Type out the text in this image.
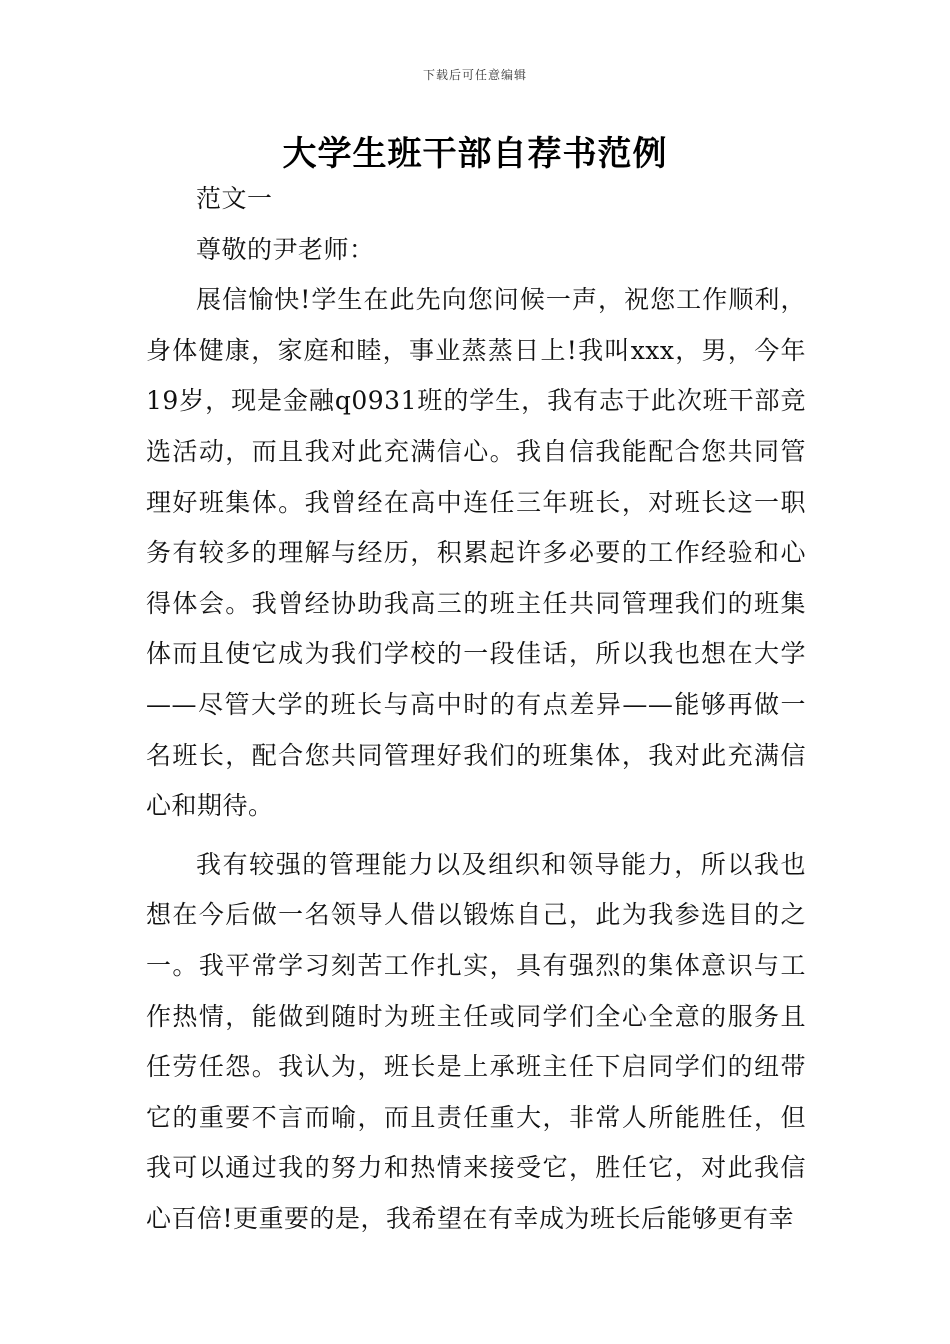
下载后可任意编辑
大学生班干部自荐书范例

范文一

尊敬的尹老师：

展信愉快!学生在此先向您问候一声，祝您工作顺利，身体健康，家庭和睦，事业蒸蒸日上!我叫xxx，男，今年19岁，现是金融q0931班的学生，我有志于此次班干部竞选活动，而且我对此充满信心。我自信我能配合您共同管理好班集体。我曾经在高中连任三年班长，对班长这一职务有较多的理解与经历，积累起许多必要的工作经验和心得体会。我曾经协助我高三的班主任共同管理我们的班集体而且使它成为我们学校的一段佳话，所以我也想在大学——尽管大学的班长与高中时的有点差异——能够再做一名班长，配合您共同管理好我们的班集体，我对此充满信心和期待。

我有较强的管理能力以及组织和领导能力，所以我也想在今后做一名领导人借以锻炼自己，此为我参选目的之一。我平常学习刻苦工作扎实，具有强烈的集体意识与工作热情，能做到随时为班主任或同学们全心全意的服务且任劳任怨。我认为，班长是上承班主任下启同学们的纽带它的重要不言而喻，而且责任重大，非常人所能胜任，但我可以通过我的努力和热情来接受它，胜任它，对此我信心百倍!更重要的是，我希望在有幸成为班长后能够更有幸
